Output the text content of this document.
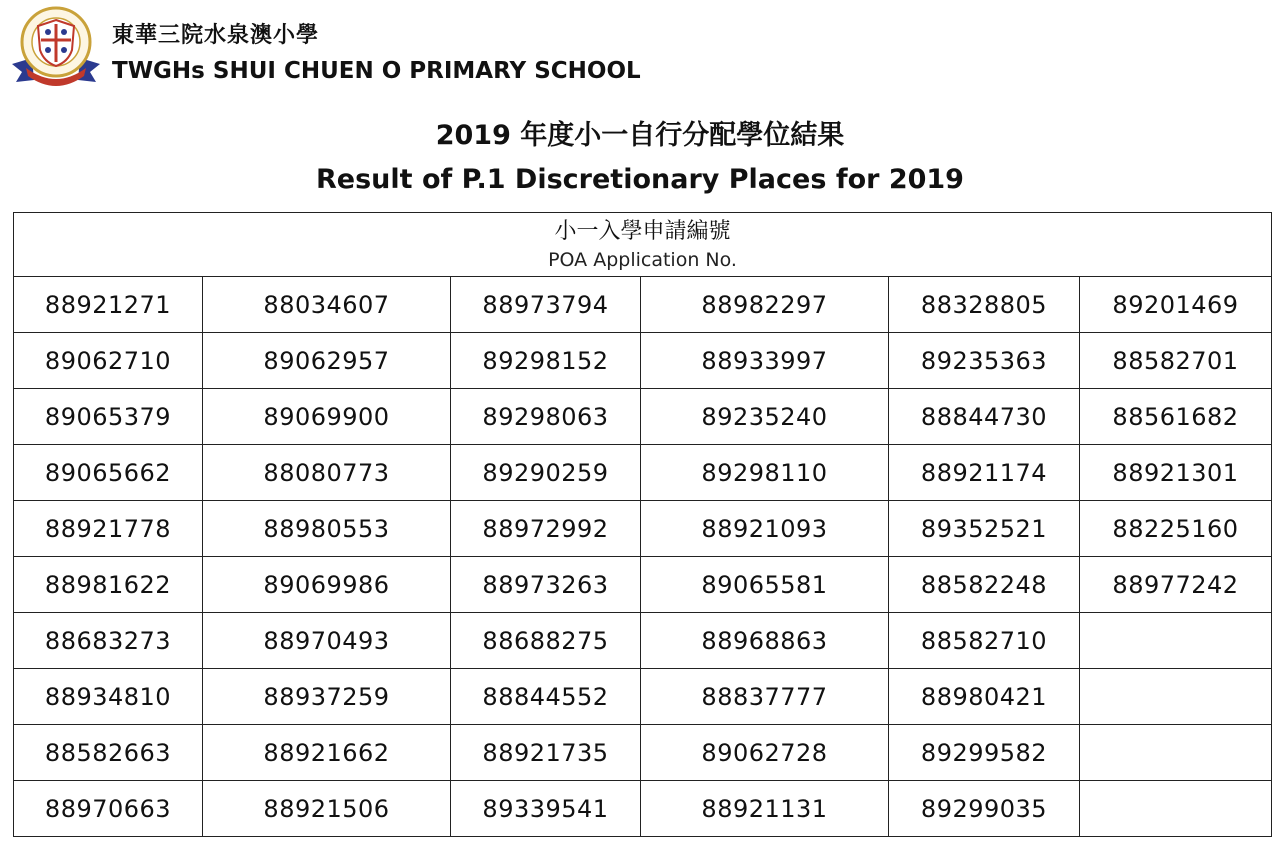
東華三院水泉澳小學
TWGHs SHUI CHUEN O PRIMARY SCHOOL
2019 年度小一自行分配學位結果
Result of P.1 Discretionary Places for 2019
小一入學申請編號
POA Application No.					

88921271	88034607	88973794	88982297	88328805	89201469
89062710	89062957	89298152	88933997	89235363	88582701
89065379	89069900	89298063	89235240	88844730	88561682
89065662	88080773	89290259	89298110	88921174	88921301
88921778	88980553	88972992	88921093	89352521	88225160
88981622	89069986	88973263	89065581	88582248	88977242
88683273	88970493	88688275	88968863	88582710	
88934810	88937259	88844552	88837777	88980421	
88582663	88921662	88921735	89062728	89299582	
88970663	88921506	89339541	88921131	89299035	
